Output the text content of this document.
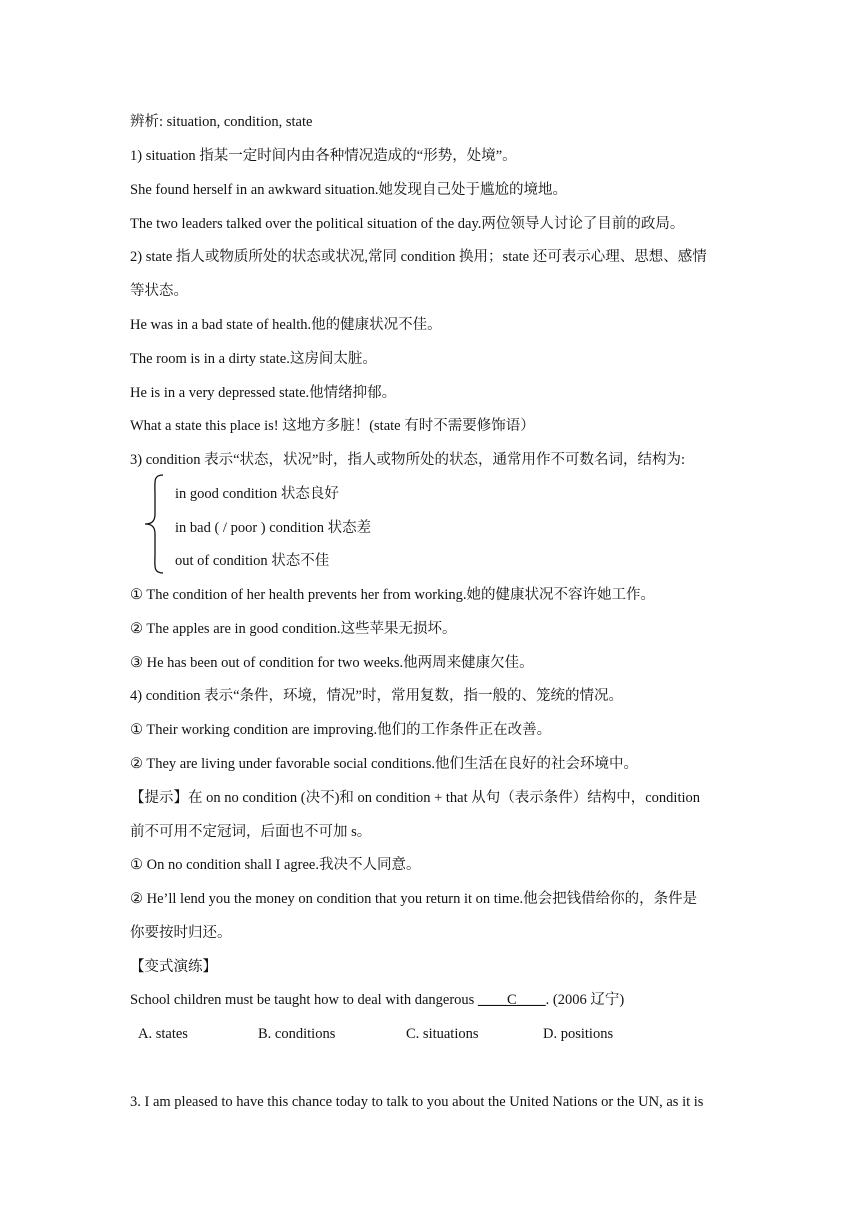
辨析: situation, condition, state
1) situation 指某一定时间内由各种情况造成的“形势，处境”。
She found herself in an awkward situation.她发现自己处于尴尬的境地。
The two leaders talked over the political situation of the day.两位领导人讨论了目前的政局。
2) state 指人或物质所处的状态或状况,常同 condition 换用；state 还可表示心理、思想、感情
等状态。
He was in a bad state of health.他的健康状况不佳。
The room is in a dirty state.这房间太脏。
He is in a very depressed state.他情绪抑郁。
What a state this place is! 这地方多脏！(state 有时不需要修饰语）
3) condition 表示“状态，状况”时，指人或物所处的状态，通常用作不可数名词，结构为:
in good condition 状态良好
in bad ( / poor ) condition 状态差
out of condition 状态不佳
① The condition of her health prevents her from working.她的健康状况不容许她工作。
② The apples are in good condition.这些苹果无损坏。
③ He has been out of condition for two weeks.他两周来健康欠佳。
4) condition 表示“条件，环境，情况”时，常用复数，指一般的、笼统的情况。
① Their working condition are improving.他们的工作条件正在改善。
② They are living under favorable social conditions.他们生活在良好的社会环境中。
【提示】在 on no condition (决不)和 on condition + that 从句（表示条件）结构中，condition
前不可用不定冠词，后面也不可加 s。
① On no condition shall I agree.我决不人同意。
② He’ll lend you the money on condition that you return it on time.他会把钱借给你的，条件是
你要按时归还。
【变式演练】
School children must be taught how to deal with dangerous ____C____. (2006 辽宁)
A. states	B. conditions	C. situations	D. positions
3. I am pleased to have this chance today to talk to you about the United Nations or the UN, as it is
